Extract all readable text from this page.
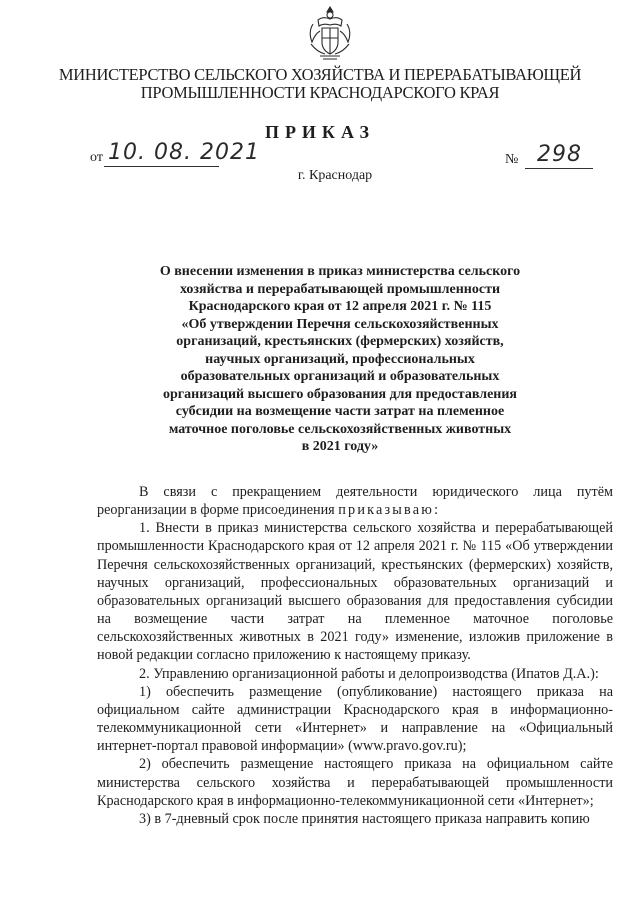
МИНИСТЕРСТВО СЕЛЬСКОГО ХОЗЯЙСТВА И ПЕРЕРАБАТЫВАЮЩЕЙ
ПРОМЫШЛЕННОСТИ КРАСНОДАРСКОГО КРАЯ
ПРИКАЗ
от 10. 08. 2021	№ 298
г. Краснодар
О внесении изменения в приказ министерства сельского
хозяйства и перерабатывающей промышленности
Краснодарского края от 12 апреля 2021 г. № 115
«Об утверждении Перечня сельскохозяйственных
организаций, крестьянских (фермерских) хозяйств,
научных организаций, профессиональных
образовательных организаций и образовательных
организаций высшего образования для предоставления
субсидии на возмещение части затрат на племенное
маточное поголовье сельскохозяйственных животных
в 2021 году»

В связи с прекращением деятельности юридического лица путём реорганизации в форме присоединения приказываю:

1. Внести в приказ министерства сельского хозяйства и перерабатывающей промышленности Краснодарского края от 12 апреля 2021 г. № 115 «Об утверждении Перечня сельскохозяйственных организаций, крестьянских (фермерских) хозяйств, научных организаций, профессиональных образовательных организаций и образовательных организаций высшего образования для предоставления субсидии на возмещение части затрат на племенное маточное поголовье сельскохозяйственных животных в 2021 году» изменение, изложив приложение в новой редакции согласно приложению к настоящему приказу.

2. Управлению организационной работы и делопроизводства (Ипатов Д.А.):

1) обеспечить размещение (опубликование) настоящего приказа на официальном сайте администрации Краснодарского края в информационно-телекоммуникационной сети «Интернет» и направление на «Официальный интернет-портал правовой информации» (www.pravo.gov.ru);

2) обеспечить размещение настоящего приказа на официальном сайте министерства сельского хозяйства и перерабатывающей промышленности Краснодарского края в информационно-телекоммуникационной сети «Интернет»;

3) в 7-дневный срок после принятия настоящего приказа направить копию
